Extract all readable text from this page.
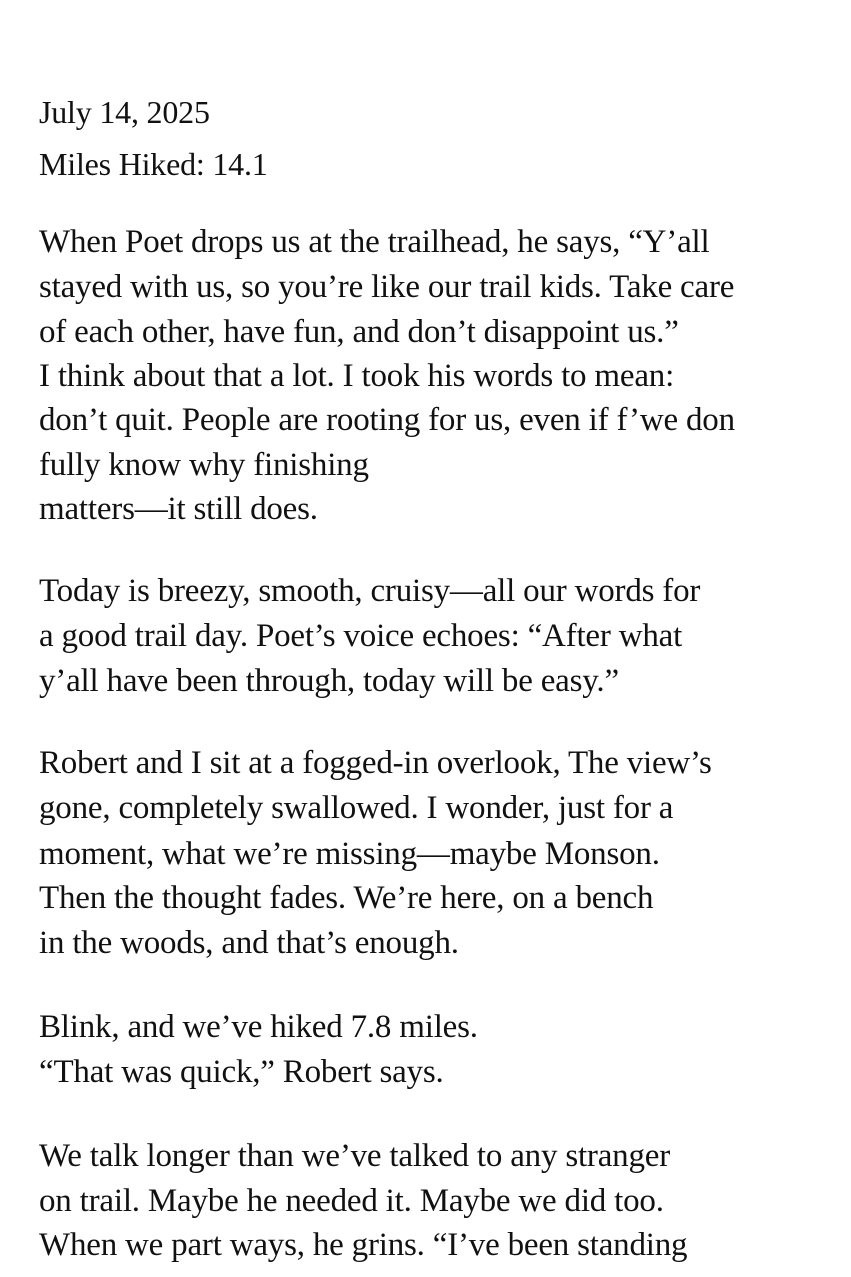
July 14, 2025
Miles Hiked: 14.1
When Poet drops us at the trailhead, he says, “Y’all
stayed with us, so you’re like our trail kids. Take care
of each other, have fun, and don’t disappoint us.”
I think about that a lot. I took his words to mean:
don’t quit. People are rooting for us, even if f’we don
fully know why finishing
matters—it still does.
Today is breezy, smooth, cruisy—all our words for
a good trail day. Poet’s voice echoes: “After what
y’all have been through, today will be easy.”
Robert and I sit at a fogged-in overlook, The view’s
gone, completely swallowed. I wonder, just for a
moment, what we’re missing—maybe Monson.
Then the thought fades. We’re here, on a bench
in the woods, and that’s enough.
Blink, and we’ve hiked 7.8 miles.
“That was quick,” Robert says.
We talk longer than we’ve talked to any stranger
on trail. Maybe he needed it. Maybe we did too.
When we part ways, he grins. “I’ve been standing
